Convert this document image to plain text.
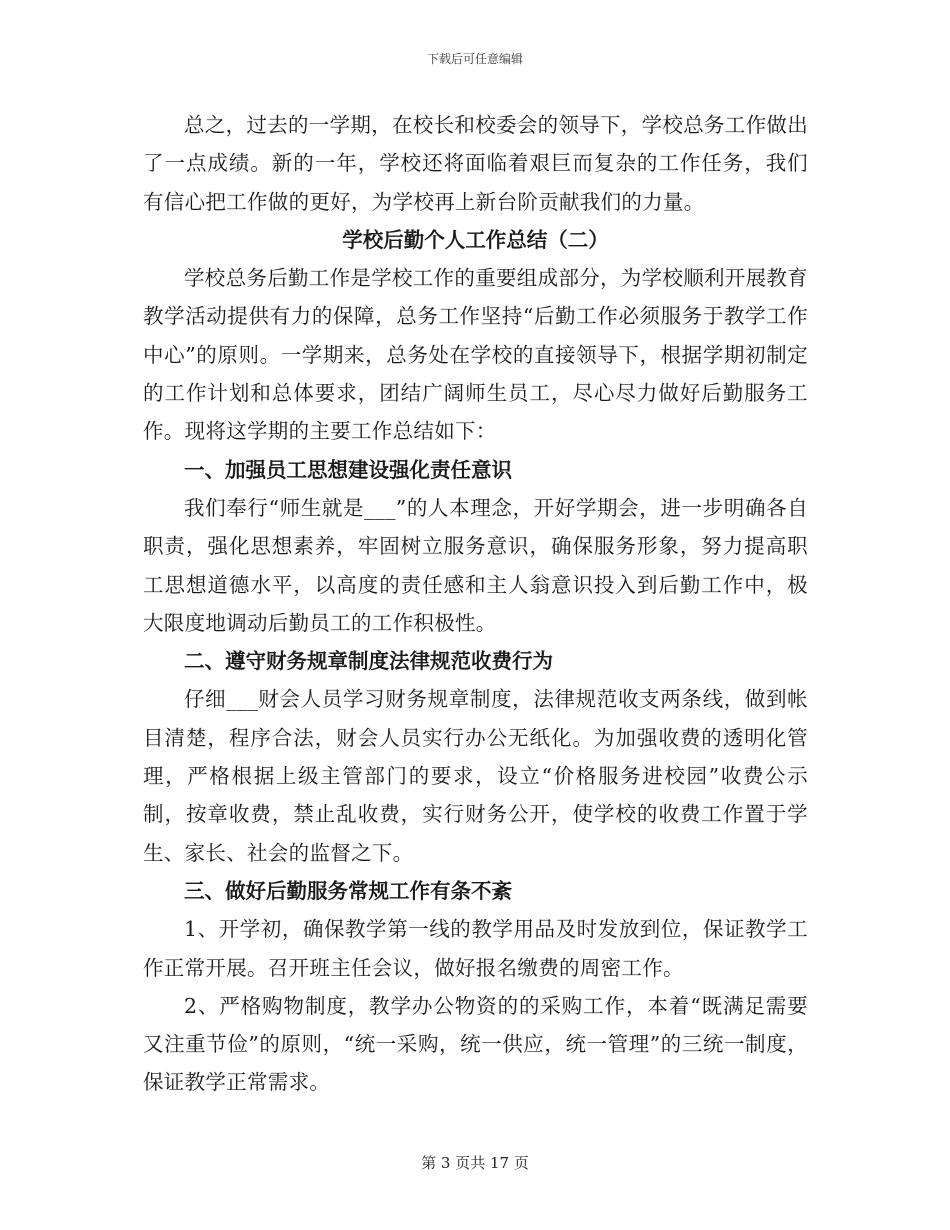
下载后可任意编辑

总之，过去的一学期，在校长和校委会的领导下，学校总务工作做出了一点成绩。新的一年，学校还将面临着艰巨而复杂的工作任务，我们有信心把工作做的更好，为学校再上新台阶贡献我们的力量。

学校后勤个人工作总结（二）

学校总务后勤工作是学校工作的重要组成部分，为学校顺利开展教育教学活动提供有力的保障，总务工作坚持“后勤工作必须服务于教学工作中心”的原则。一学期来，总务处在学校的直接领导下，根据学期初制定的工作计划和总体要求，团结广阔师生员工，尽心尽力做好后勤服务工作。现将这学期的主要工作总结如下：

一、加强员工思想建设强化责任意识

我们奉行“师生就是___”的人本理念，开好学期会，进一步明确各自职责，强化思想素养，牢固树立服务意识，确保服务形象，努力提高职工思想道德水平，以高度的责任感和主人翁意识投入到后勤工作中，极大限度地调动后勤员工的工作积极性。

二、遵守财务规章制度法律规范收费行为

仔细___财会人员学习财务规章制度，法律规范收支两条线，做到帐目清楚，程序合法，财会人员实行办公无纸化。为加强收费的透明化管理，严格根据上级主管部门的要求，设立“价格服务进校园”收费公示制，按章收费，禁止乱收费，实行财务公开，使学校的收费工作置于学生、家长、社会的监督之下。

三、做好后勤服务常规工作有条不紊

1、开学初，确保教学第一线的教学用品及时发放到位，保证教学工作正常开展。召开班主任会议，做好报名缴费的周密工作。

2、严格购物制度，教学办公物资的的采购工作，本着“既满足需要又注重节俭”的原则，“统一采购，统一供应，统一管理”的三统一制度，保证教学正常需求。

第 3 页共 17 页
